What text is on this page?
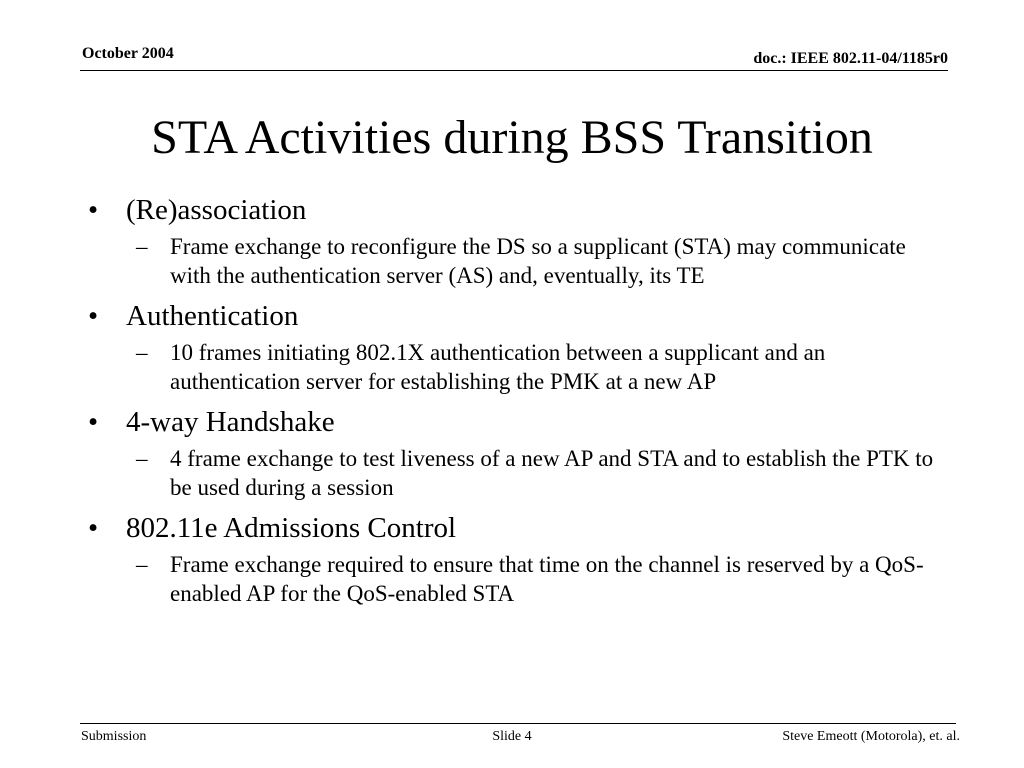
October 2004	doc.: IEEE 802.11-04/1185r0
STA Activities during BSS Transition
• (Re)association
– Frame exchange to reconfigure the DS so a supplicant (STA) may communicate with the authentication server (AS) and, eventually, its TE
• Authentication
– 10 frames initiating 802.1X authentication between a supplicant and an authentication server for establishing the PMK at a new AP
• 4-way Handshake
– 4 frame exchange to test liveness of a new AP and STA and to establish the PTK to be used during a session
• 802.11e Admissions Control
– Frame exchange required to ensure that time on the channel is reserved by a QoS-enabled AP for the QoS-enabled STA
Submission	Slide 4	Steve Emeott (Motorola), et. al.
